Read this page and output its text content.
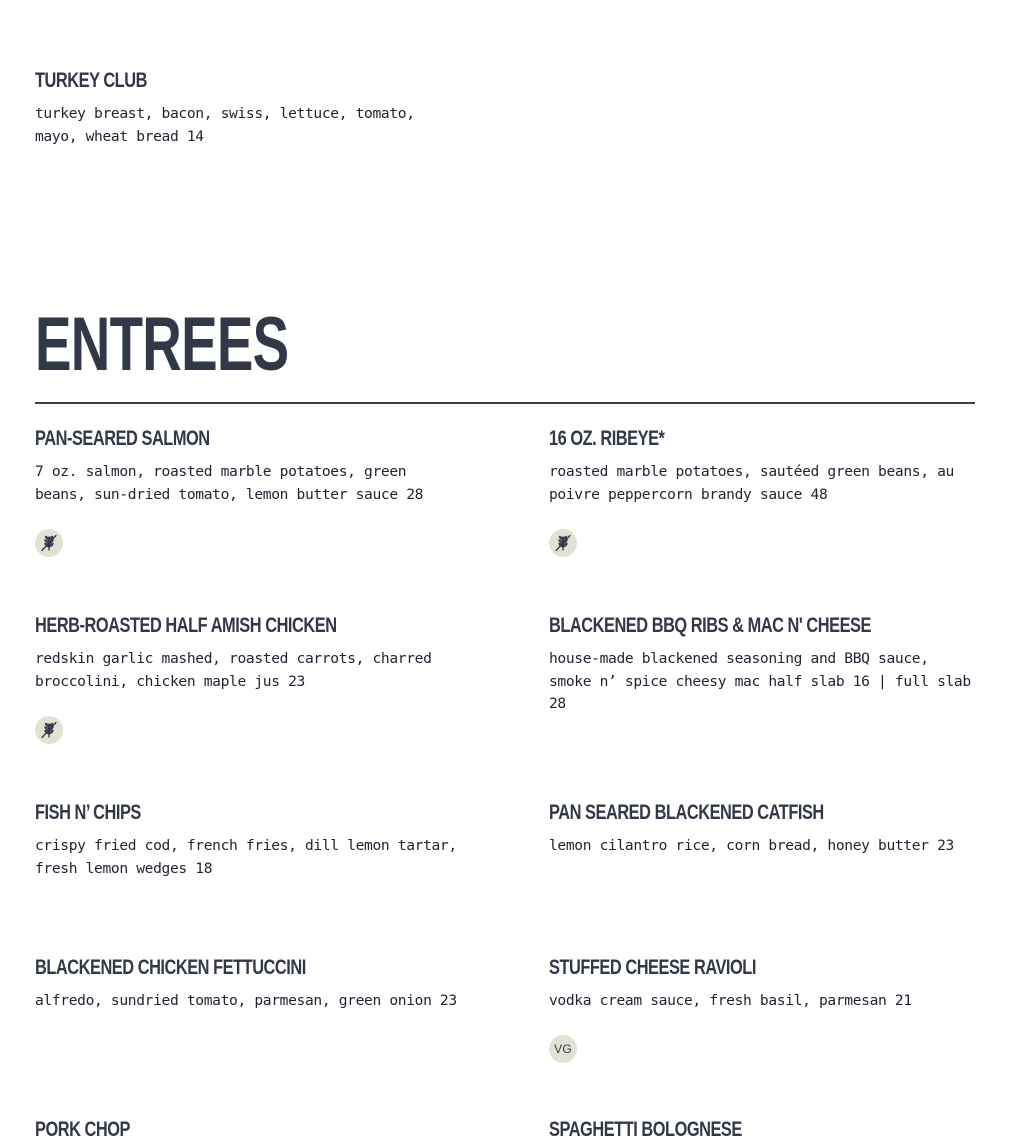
TURKEY CLUB
turkey breast, bacon, swiss, lettuce, tomato, mayo, wheat bread 14
ENTREES
PAN-SEARED SALMON
7 oz. salmon, roasted marble potatoes, green beans, sun-dried tomato, lemon butter sauce 28
16 OZ. RIBEYE*
roasted marble potatoes, sautéed green beans, au poivre peppercorn brandy sauce 48
HERB-ROASTED HALF AMISH CHICKEN
redskin garlic mashed, roasted carrots, charred broccolini, chicken maple jus 23
BLACKENED BBQ RIBS & MAC N' CHEESE
house-made blackened seasoning and BBQ sauce, smoke n’ spice cheesy mac half slab 16 | full slab 28
FISH N’ CHIPS
crispy fried cod, french fries, dill lemon tartar, fresh lemon wedges 18
PAN SEARED BLACKENED CATFISH
lemon cilantro rice, corn bread, honey butter 23
BLACKENED CHICKEN FETTUCCINI
alfredo, sundried tomato, parmesan, green onion 23
STUFFED CHEESE RAVIOLI
vodka cream sauce, fresh basil, parmesan 21
VG
PORK CHOP	SPAGHETTI BOLOGNESE
